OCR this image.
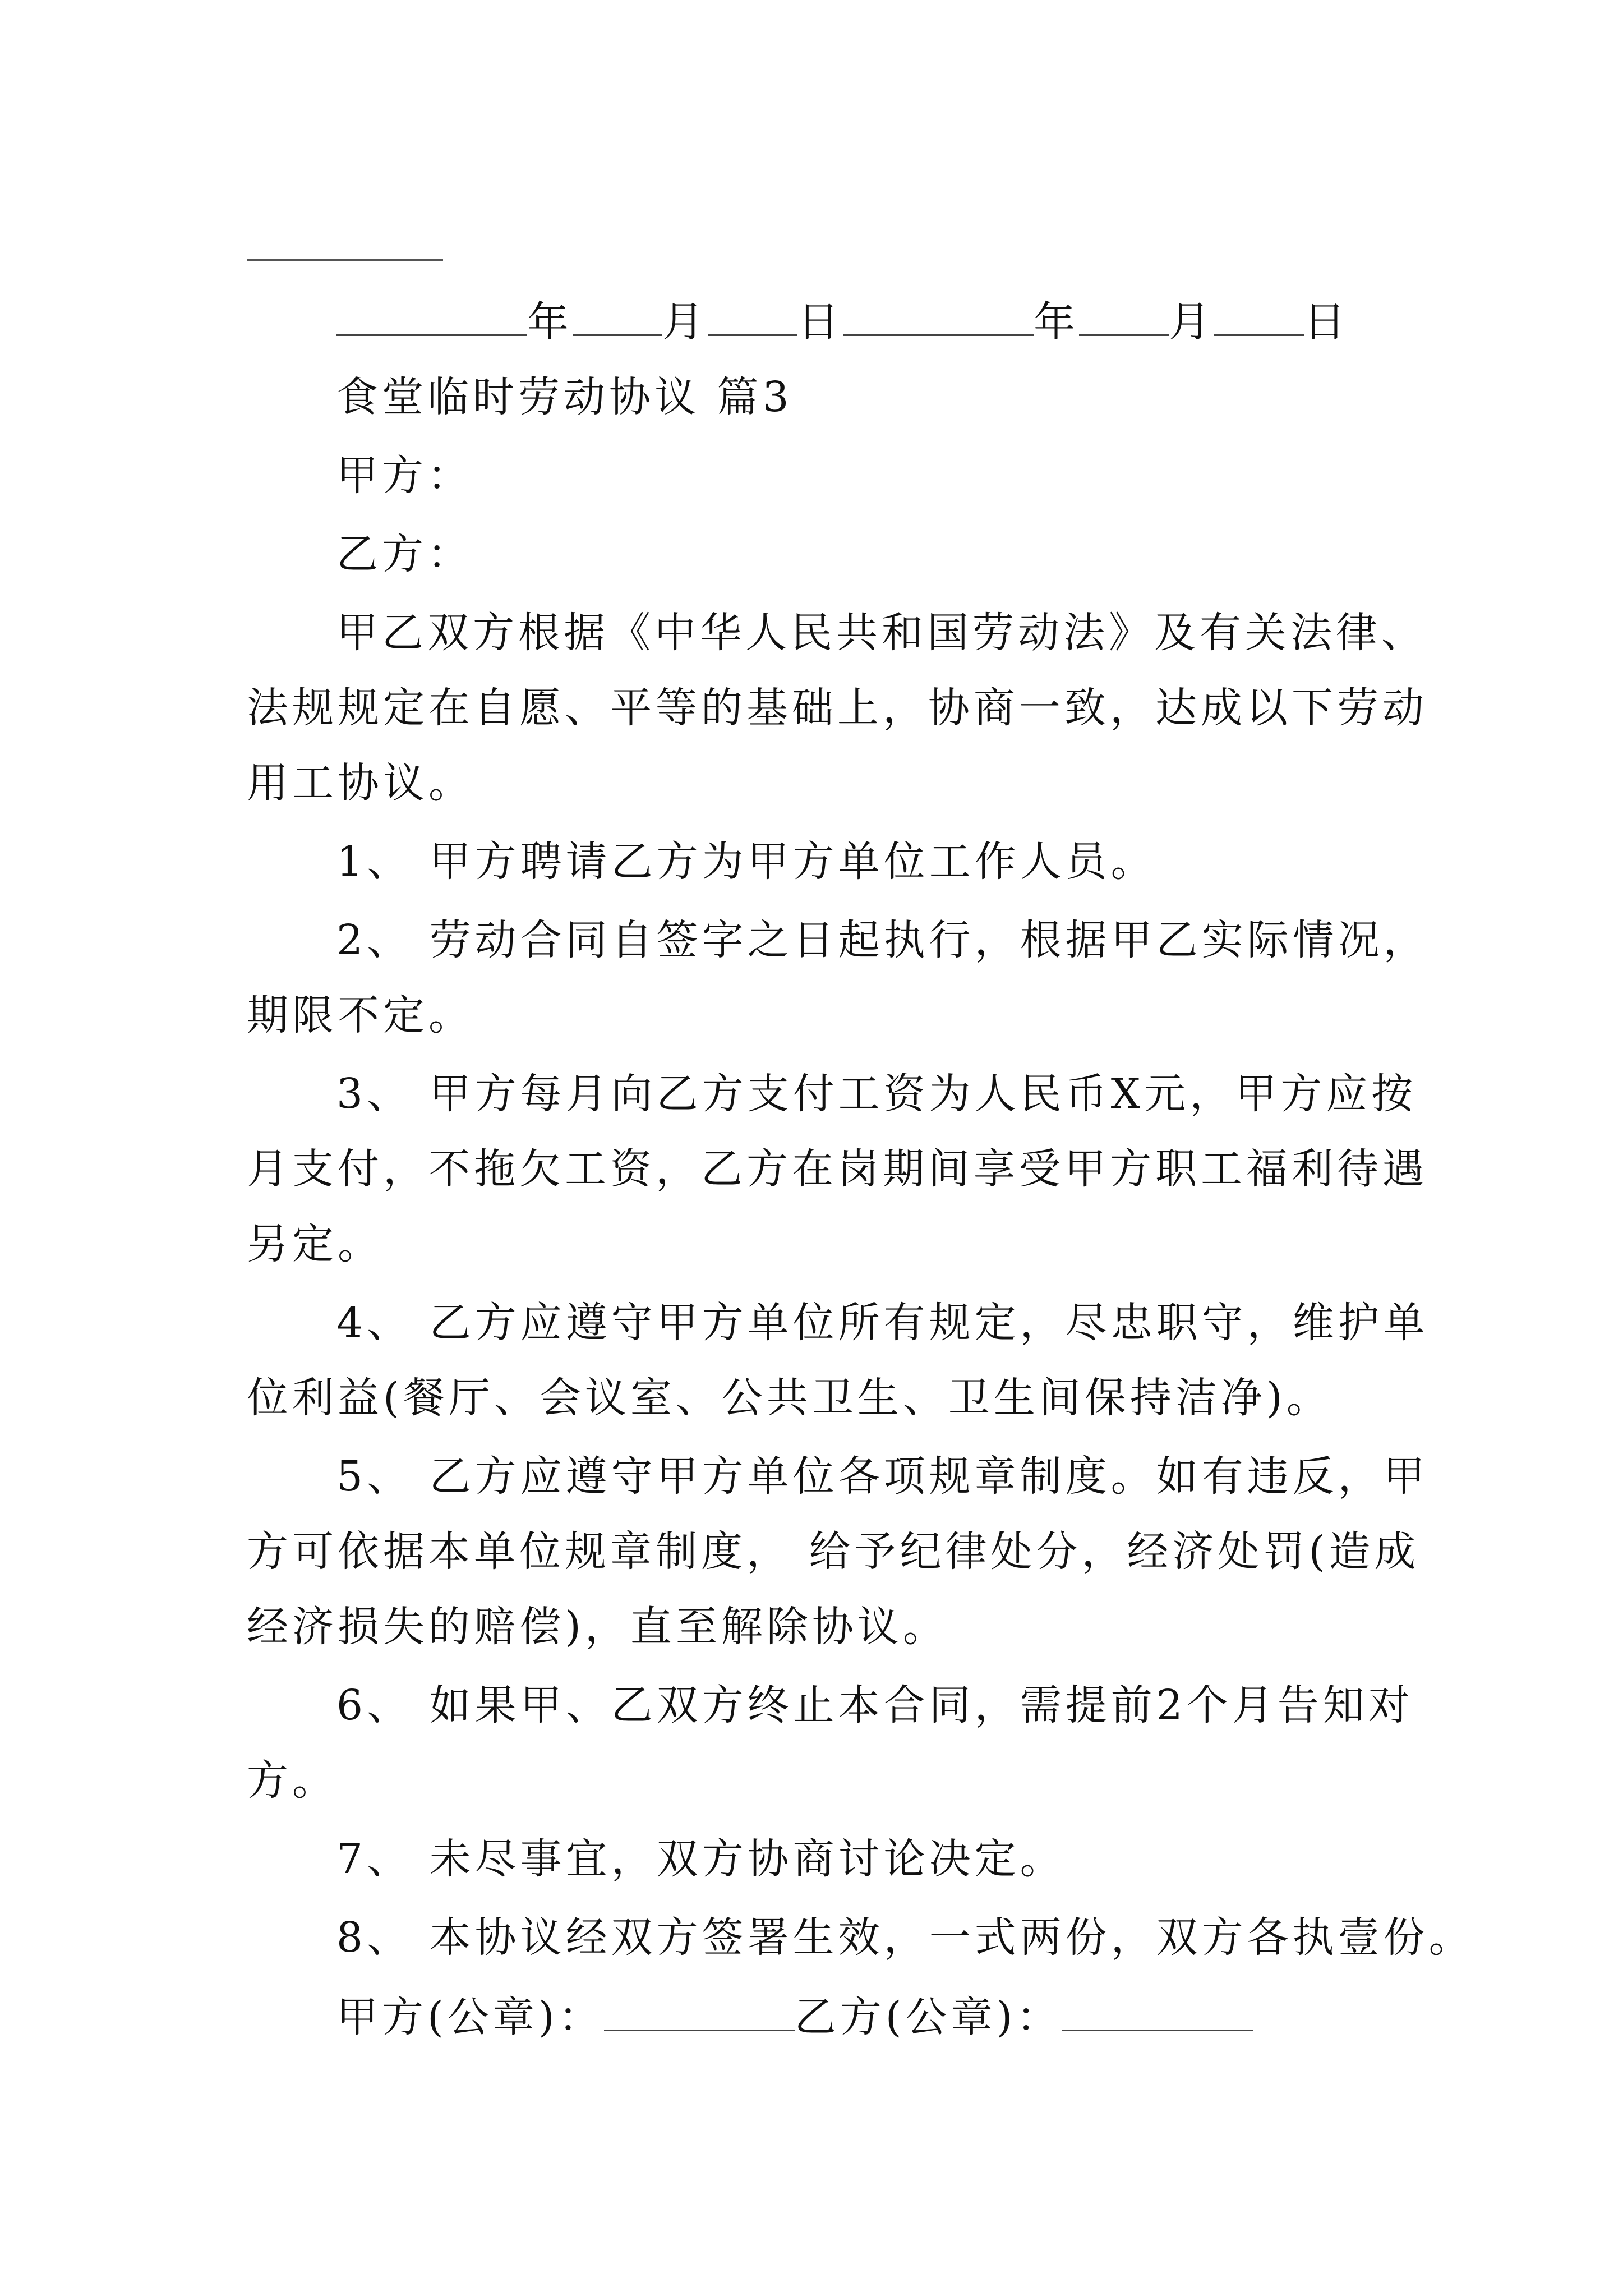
年 月 日	年 月 日
食堂临时劳动协议 篇3
甲方：
乙方：
甲乙双方根据《中华人民共和国劳动法》及有关法律、
法规规定在自愿、平等的基础上，协商一致，达成以下劳动
用工协议。
1、 甲方聘请乙方为甲方单位工作人员。
2、 劳动合同自签字之日起执行，根据甲乙实际情况，
期限不定。
3、 甲方每月向乙方支付工资为人民币X元，甲方应按
月支付，不拖欠工资，乙方在岗期间享受甲方职工福利待遇
另定。
4、 乙方应遵守甲方单位所有规定，尽忠职守，维护单
位利益(餐厅、会议室、公共卫生、卫生间保持洁净)。
5、 乙方应遵守甲方单位各项规章制度。如有违反，甲
方可依据本单位规章制度， 给予纪律处分，经济处罚(造成
经济损失的赔偿)，直至解除协议。
6、 如果甲、乙双方终止本合同，需提前2个月告知对
方。
7、 未尽事宜，双方协商讨论决定。
8、 本协议经双方签署生效，一式两份，双方各执壹份。
甲方(公章)：	乙方(公章)：
